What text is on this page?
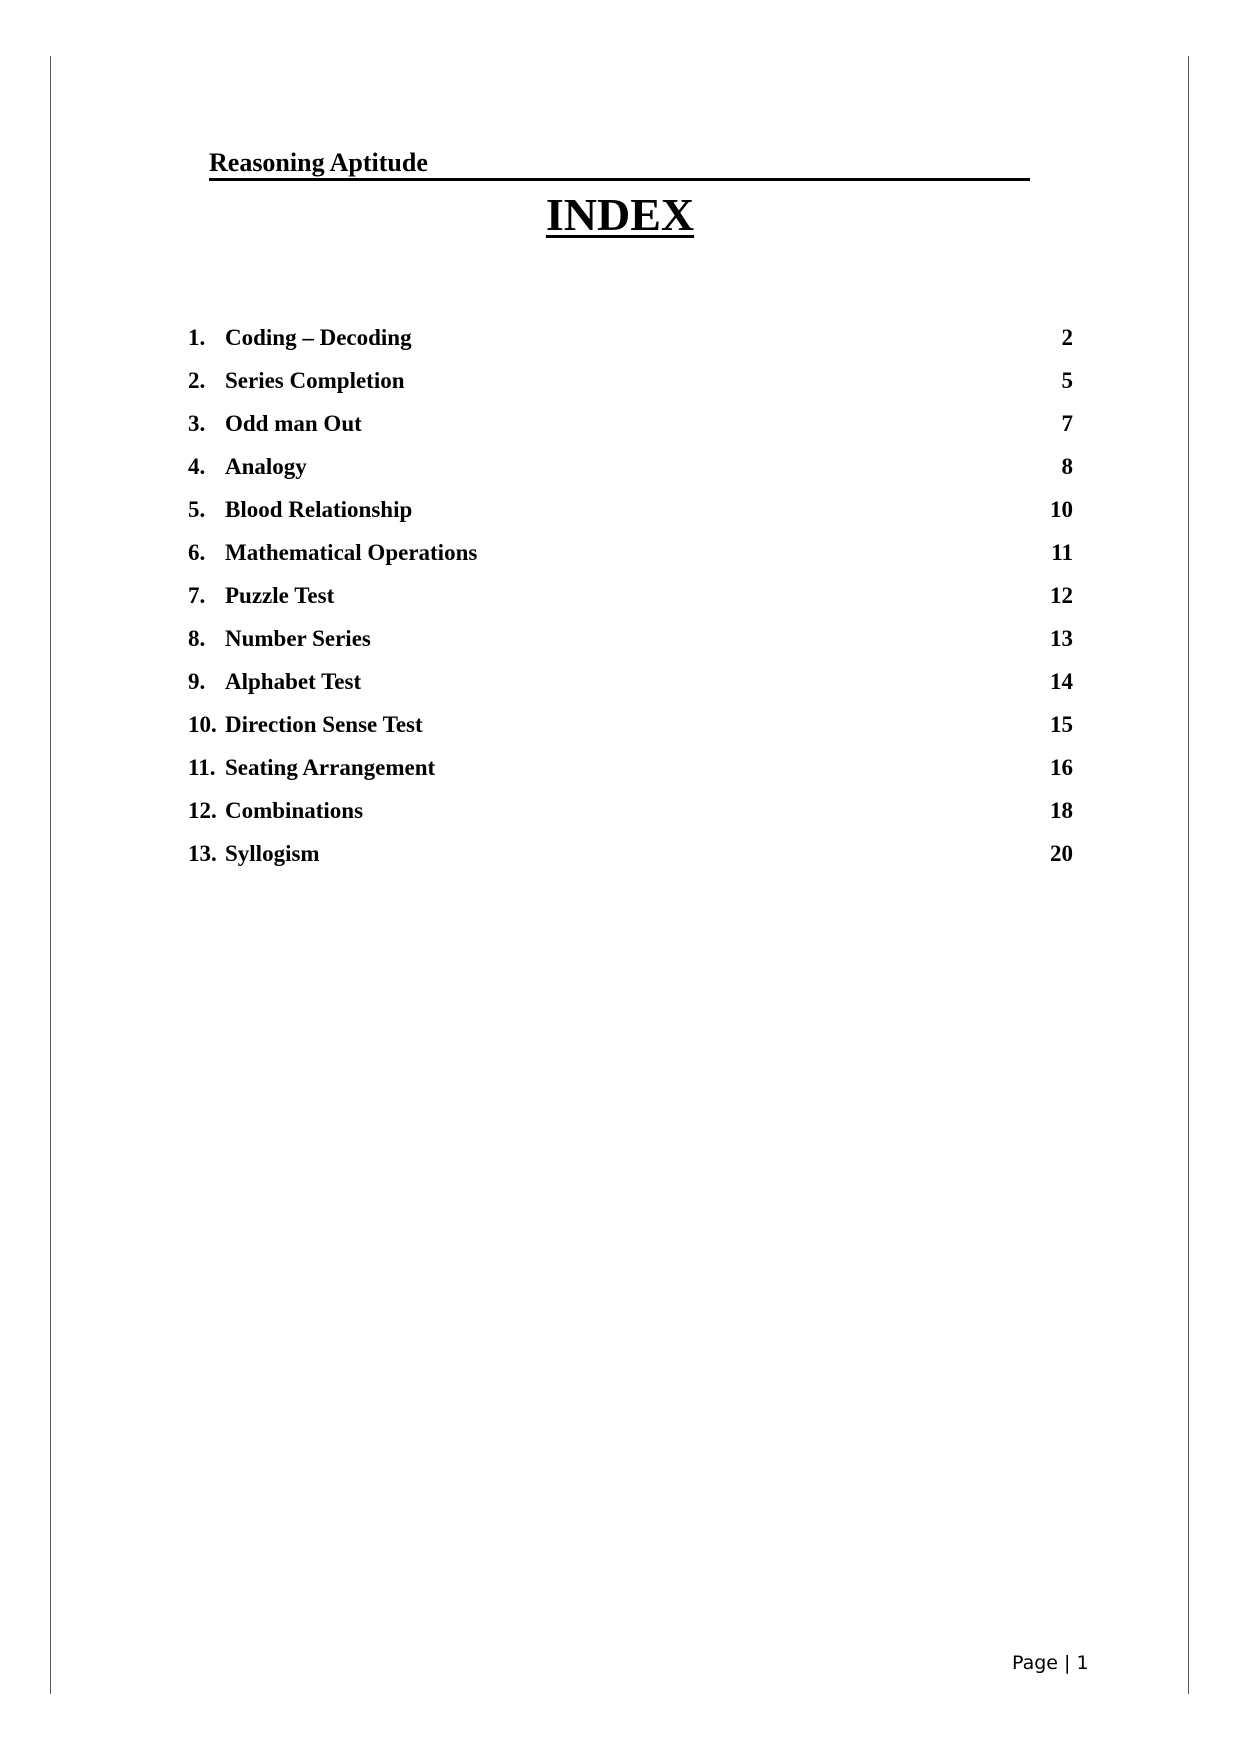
Reasoning Aptitude
INDEX
1. Coding – Decoding	2
2. Series Completion	5
3. Odd man Out	7
4. Analogy	8
5. Blood Relationship	10
6. Mathematical Operations	11
7. Puzzle Test	12
8. Number Series	13
9. Alphabet Test	14
10. Direction Sense Test	15
11. Seating Arrangement	16
12. Combinations	18
13. Syllogism	20
Page | 1
